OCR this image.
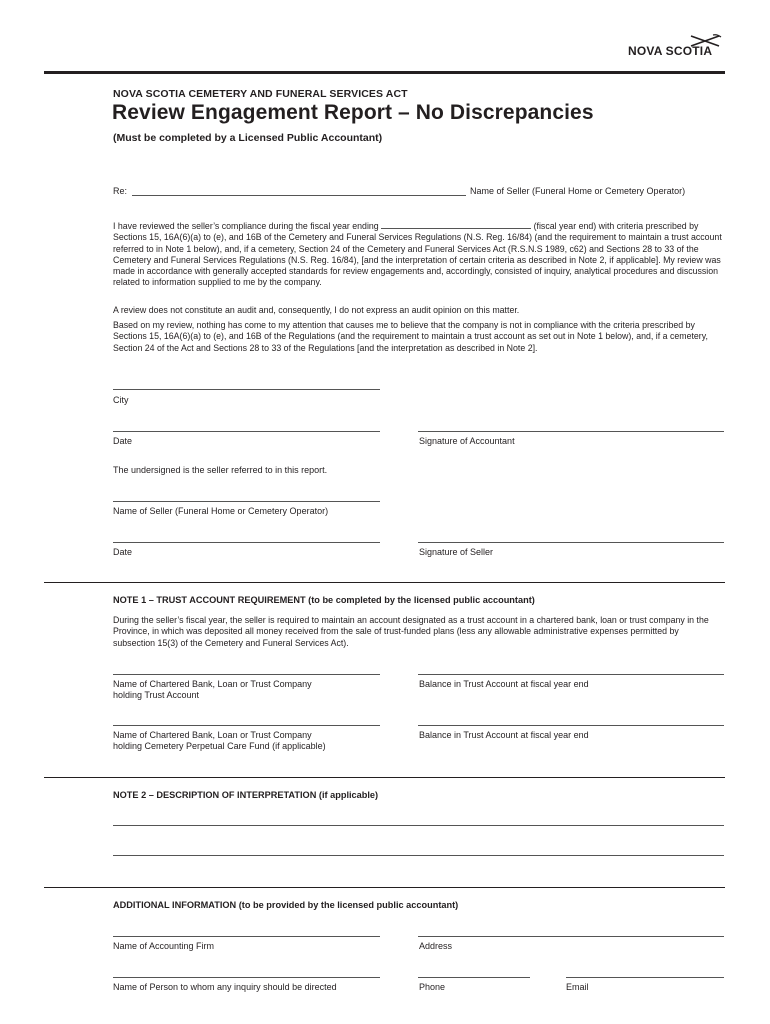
NOVA SCOTIA
NOVA SCOTIA CEMETERY AND FUNERAL SERVICES ACT
Review Engagement Report – No Discrepancies
(Must be completed by a Licensed Public Accountant)
Re:	Name of Seller (Funeral Home or Cemetery Operator)
I have reviewed the seller’s compliance during the fiscal year ending	(fiscal year end) with criteria prescribed by Sections 15, 16A(6)(a) to (e), and 16B of the Cemetery and Funeral Services Regulations (N.S. Reg. 16/84) (and the requirement to maintain a trust account referred to in Note 1 below), and, if a cemetery, Section 24 of the Cemetery and Funeral Services Act (R.S.N.S 1989, c62) and Sections 28 to 33 of the Cemetery and Funeral Services Regulations (N.S. Reg. 16/84), [and the interpretation of certain criteria as described in Note 2, if applicable]. My review was made in accordance with generally accepted standards for review engagements and, accordingly, consisted of inquiry, analytical procedures and discussion related to information supplied to me by the company.
A review does not constitute an audit and, consequently, I do not express an audit opinion on this matter.
Based on my review, nothing has come to my attention that causes me to believe that the company is not in compliance with the criteria prescribed by Sections 15, 16A(6)(a) to (e), and 16B of the Regulations (and the requirement to maintain a trust account as set out in Note 1 below), and, if a cemetery, Section 24 of the Act and Sections 28 to 33 of the Regulations [and the interpretation as described in Note 2].
City
Date	Signature of Accountant
The undersigned is the seller referred to in this report.
Name of Seller (Funeral Home or Cemetery Operator)
Date	Signature of Seller
NOTE 1 – TRUST ACCOUNT REQUIREMENT (to be completed by the licensed public accountant)
During the seller’s fiscal year, the seller is required to maintain an account designated as a trust account in a chartered bank, loan or trust company in the Province, in which was deposited all money received from the sale of trust-funded plans (less any allowable administrative expenses permitted by subsection 15(3) of the Cemetery and Funeral Services Act).
Name of Chartered Bank, Loan or Trust Company
holding Trust Account
Balance in Trust Account at fiscal year end
Name of Chartered Bank, Loan or Trust Company
holding Cemetery Perpetual Care Fund (if applicable)
Balance in Trust Account at fiscal year end
NOTE 2 – DESCRIPTION OF INTERPRETATION (if applicable)
ADDITIONAL INFORMATION (to be provided by the licensed public accountant)
Name of Accounting Firm	Address
Name of Person to whom any inquiry should be directed	Phone	Email
